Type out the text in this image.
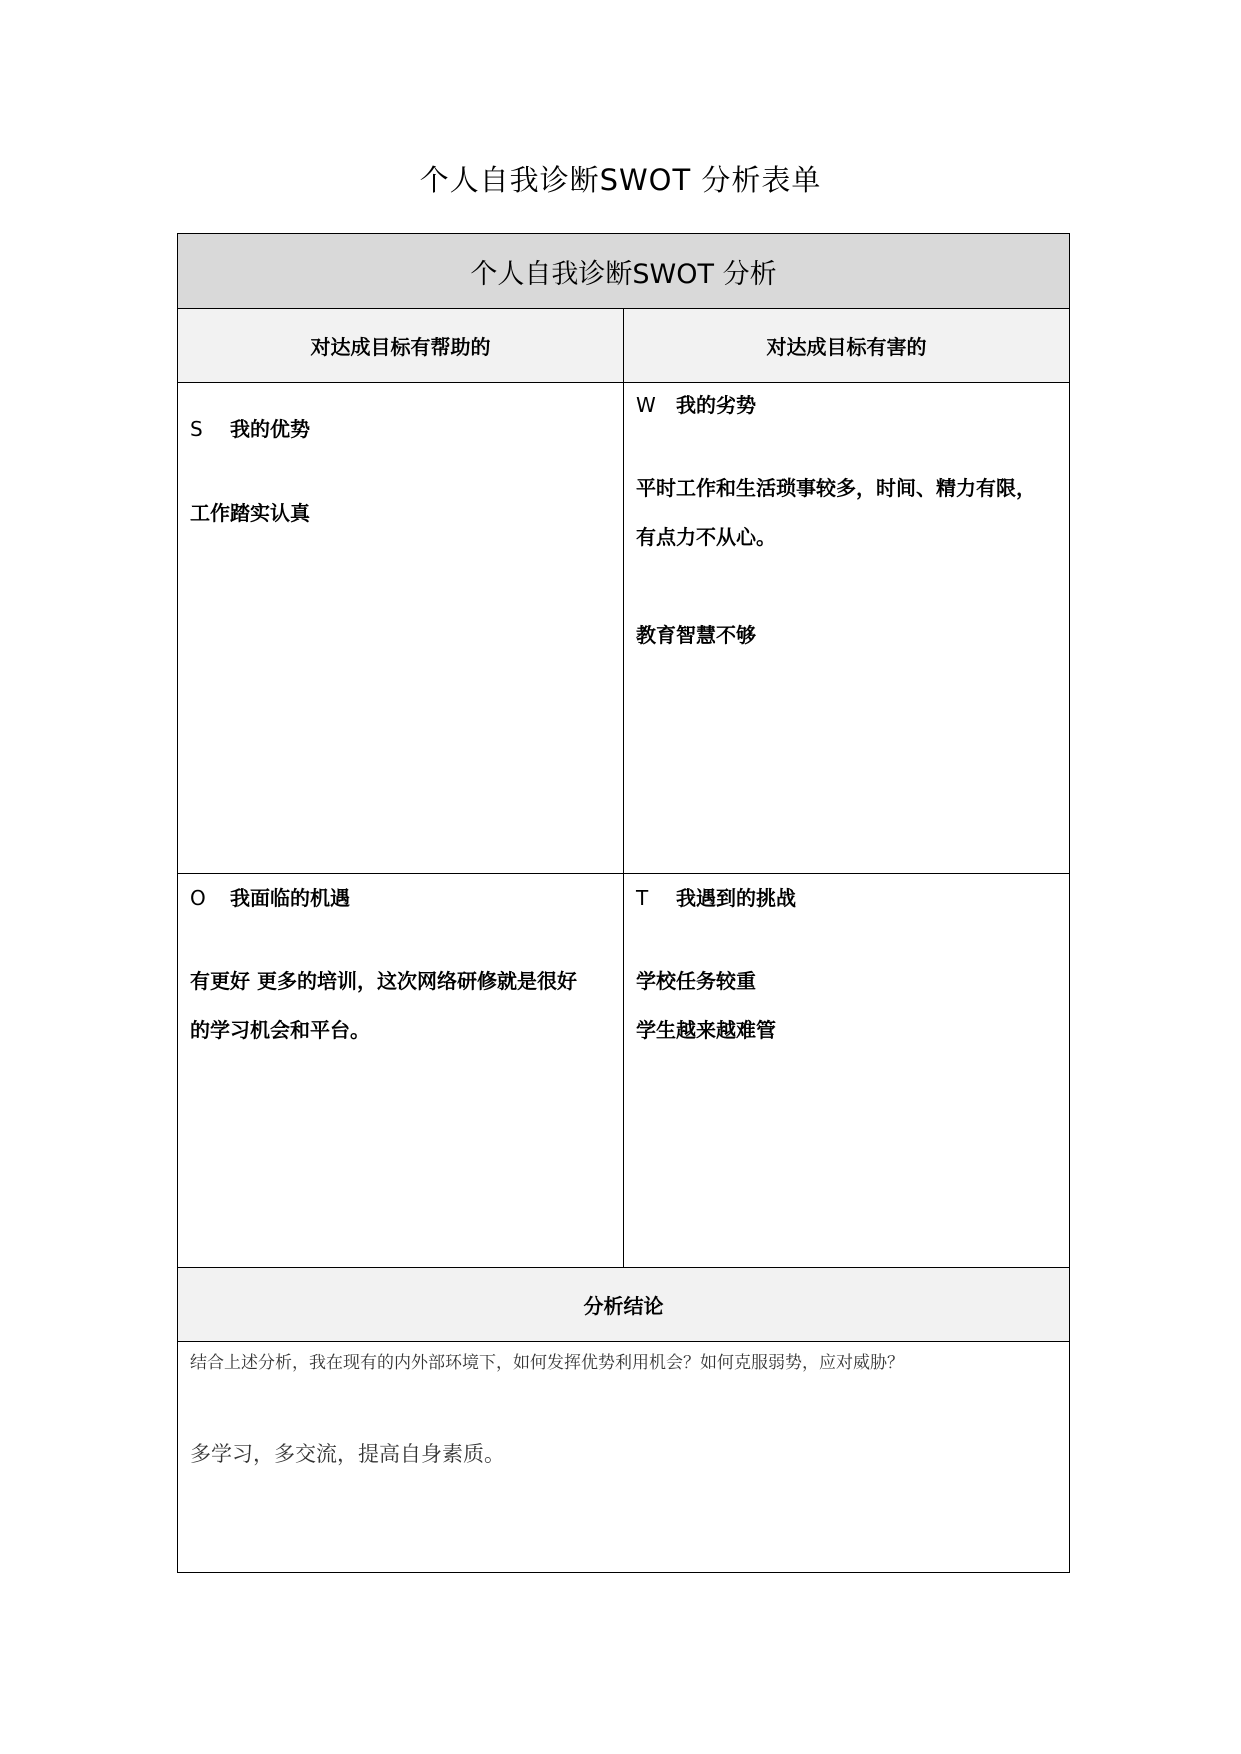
个人自我诊断SWOT 分析表单
个人自我诊断SWOT 分析
对达成目标有帮助的	对达成目标有害的
S 我的优势

工作踏实认真

W 我的劣势

平时工作和生活琐事较多，时间、精力有限，

有点力不从心。

教育智慧不够

O 我面临的机遇

有更好 更多的培训，这次网络研修就是很好

的学习机会和平台。

T 我遇到的挑战

学校任务较重

学生越来越难管

分析结论
结合上述分析，我在现有的内外部环境下，如何发挥优势利用机会？如何克服弱势，应对威胁？
多学习，多交流，提高自身素质。
